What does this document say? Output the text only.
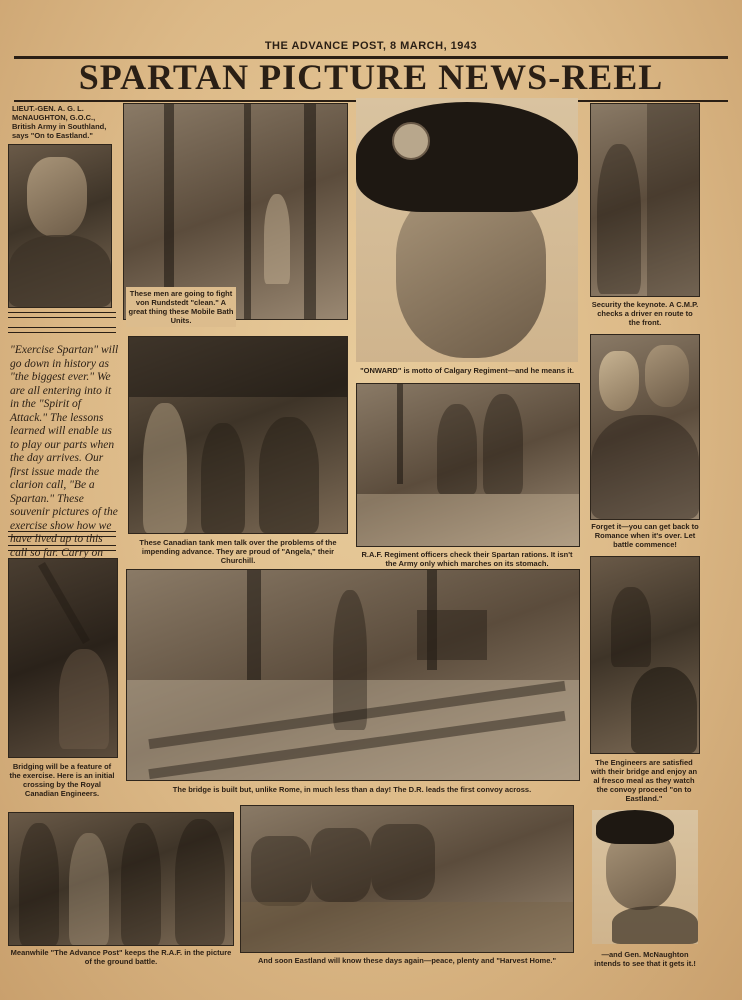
THE ADVANCE POST, 8 MARCH, 1943
SPARTAN PICTURE NEWS-REEL
LIEUT.-GEN. A. G. L. McNAUGHTON, G.O.C., British Army in Southland, says "On to Eastland."
"Exercise Spartan" will go down in history as "the biggest ever." We are all entering into it in the "Spirit of Attack." The lessons learned will enable us to play our parts when the day arrives. Our first issue made the clarion call, "Be a Spartan." These souvenir pictures of the exercise show how we have lived up to this call so far. Carry on
These men are going to fight von Rundstedt "clean." A great thing these Mobile Bath Units.
"ONWARD" is motto of Calgary Regiment—and he means it.
Security the keynote. A C.M.P. checks a driver en route to the front.
These Canadian tank men talk over the problems of the impending advance. They are proud of "Angela," their Churchill.
R.A.F. Regiment officers check their Spartan rations. It isn't the Army only which marches on its stomach.
Forget it—you can get back to Romance when it's over. Let battle commence!
Bridging will be a feature of the exercise. Here is an initial crossing by the Royal Canadian Engineers.	The bridge is built but, unlike Rome, in much less than a day! The D.R. leads the first convoy across.
The Engineers are satisfied with their bridge and enjoy an al fresco meal as they watch the convoy proceed "on to Eastland."
Meanwhile "The Advance Post" keeps the R.A.F. in the picture of the ground battle.	And soon Eastland will know these days again—peace, plenty and "Harvest Home."
—and Gen. McNaughton intends to see that it gets it.!
